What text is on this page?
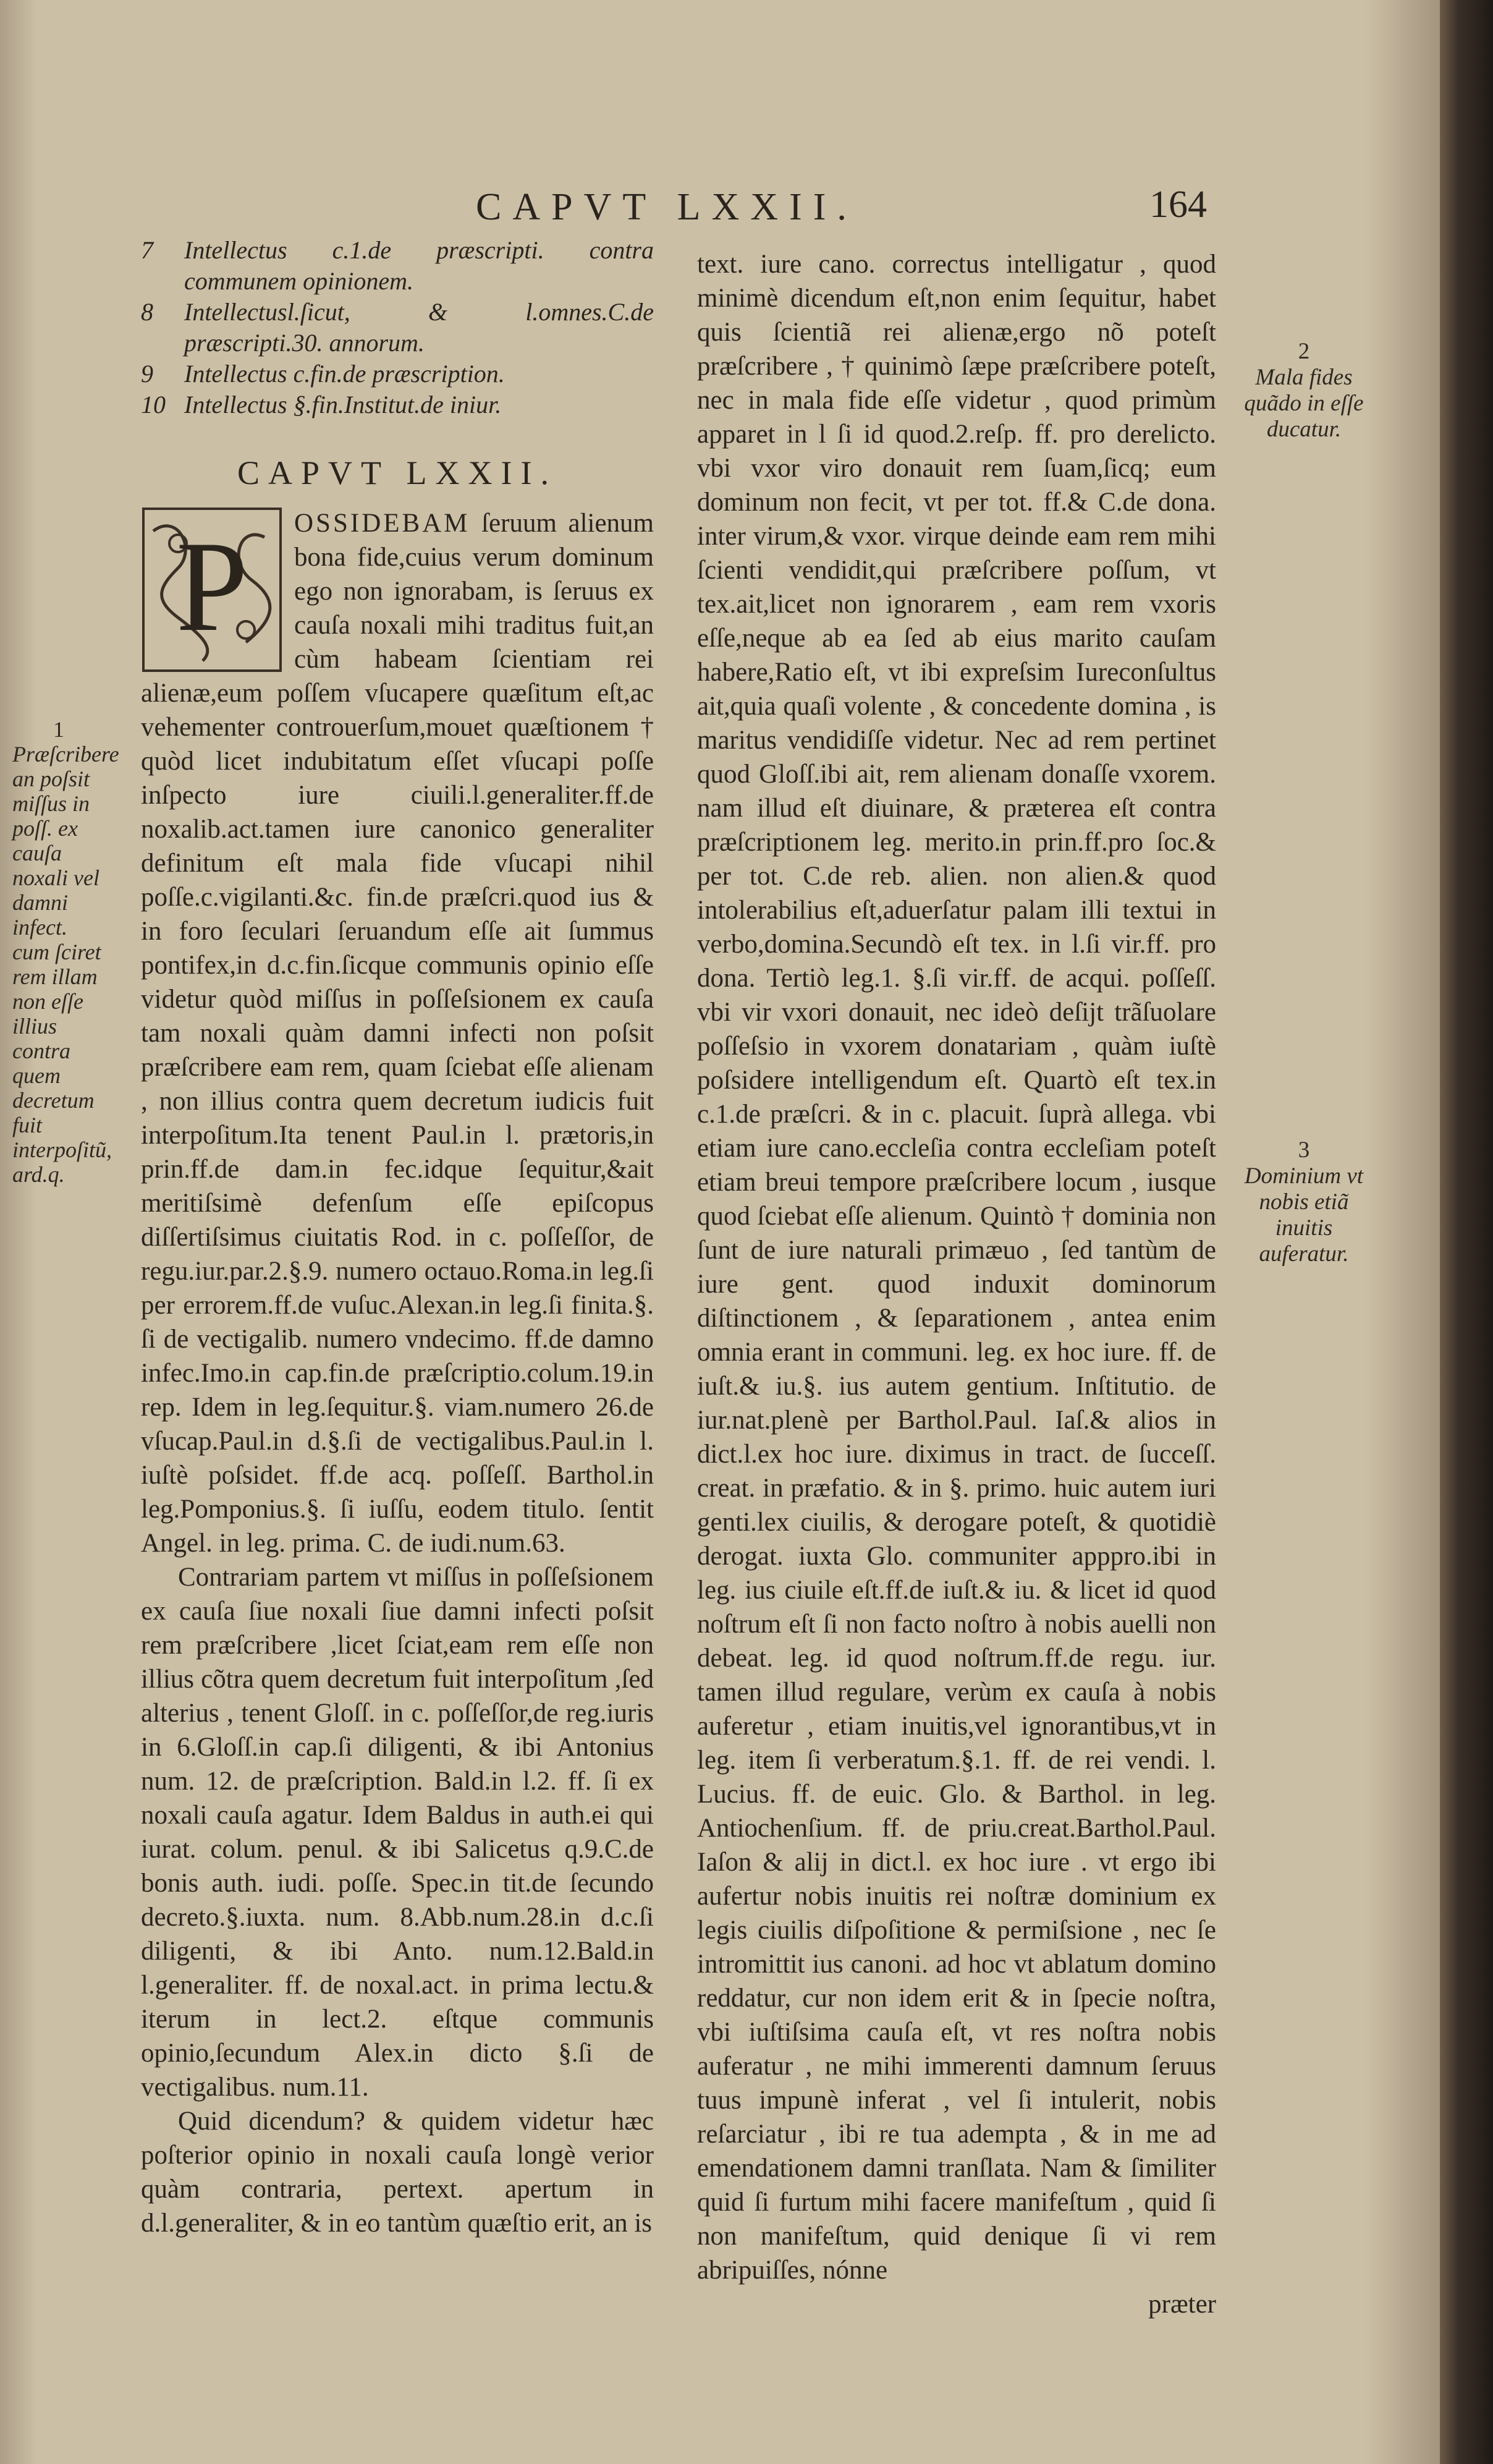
CAPVT LXXII.	164
7	Intellectus c.1.de præscripti. contra communem opinionem.
8	Intellectusl.ſicut, & l.omnes.C.de præscripti.30. annorum.
9	Intellectus c.fin.de præscription.
10 Intellectus §.fin.Institut.de iniur.
CAPVT LXXII.
P	OSSIDEBAM ſeruum alienum bona fide,cuius verum dominum ego non ignorabam, is ſeruus ex cauſa noxali mihi traditus fuit,an cùm habeam ſcientiam rei alienæ,eum poſſem vſucapere quæſitum eſt,ac vehementer controuerſum,mouet quæſtionem † quòd licet indubitatum eſſet vſucapi poſſe inſpecto iure ciuili.l.generaliter.ff.de noxalib.act.tamen iure canonico generaliter definitum eſt mala fide vſucapi nihil poſſe.c.vigilanti.&c. fin.de præſcri.quod ius & in foro ſeculari ſeruandum eſſe ait ſummus pontifex,in d.c.fin.ſicque communis opinio eſſe videtur quòd miſſus in poſſeſsionem ex cauſa tam noxali quàm damni infecti non poſsit præſcribere eam rem, quam ſciebat eſſe alienam , non illius contra quem decretum iudicis fuit interpoſitum.Ita tenent Paul.in l. prætoris,in prin.ff.de dam.in fec.idque ſequitur,&ait meritiſsimè defenſum eſſe epiſcopus diſſertiſsimus ciuitatis Rod. in c. poſſeſſor, de regu.iur.par.2.§.9. numero octauo.Roma.in leg.ſi per errorem.ff.de vuſuc.Alexan.in leg.ſi finita.§. ſi de vectigalib. numero vndecimo. ff.de damno infec.Imo.in cap.fin.de præſcriptio.colum.19.in rep. Idem in leg.ſequitur.§. viam.numero 26.de vſucap.Paul.in d.§.ſi de vectigalibus.Paul.in l. iuſtè poſsidet. ff.de acq. poſſeſſ. Barthol.in leg.Pomponius.§. ſi iuſſu, eodem titulo. ſentit Angel. in leg. prima. C. de iudi.num.63.

Contrariam partem vt miſſus in poſſeſsionem ex cauſa ſiue noxali ſiue damni infecti poſsit rem præſcribere ,licet ſciat,eam rem eſſe non illius cõtra quem decretum fuit interpoſitum ,ſed alterius , tenent Gloſſ. in c. poſſeſſor,de reg.iuris in 6.Gloſſ.in cap.ſi diligenti, & ibi Antonius num. 12. de præſcription. Bald.in l.2. ff. ſi ex noxali cauſa agatur. Idem Baldus in auth.ei qui iurat. colum. penul. & ibi Salicetus q.9.C.de bonis auth. iudi. poſſe. Spec.in tit.de ſecundo decreto.§.iuxta. num. 8.Abb.num.28.in d.c.ſi diligenti, & ibi Anto. num.12.Bald.in l.generaliter. ff. de noxal.act. in prima lectu.& iterum in lect.2. eſtque communis opinio,ſecundum Alex.in dicto §.ſi de vectigalibus. num.11.

Quid dicendum? & quidem videtur hæc poſterior opinio in noxali cauſa longè verior quàm contraria, pertext. apertum in d.l.generaliter, & in eo tantùm quæſtio erit, an is

text. iure cano. correctus intelligatur , quod minimè dicendum eſt,non enim ſequitur, habet quis ſcientiã rei alienæ,ergo nõ poteſt præſcribere , † quinimò ſæpe præſcribere poteſt, nec in mala fide eſſe videtur , quod primùm apparet in l ſi id quod.2.reſp. ff. pro derelicto. vbi vxor viro donauit rem ſuam,ſicq; eum dominum non fecit, vt per tot. ff.& C.de dona. inter virum,& vxor. virque deinde eam rem mihi ſcienti vendidit,qui præſcribere poſſum, vt tex.ait,licet non ignorarem , eam rem vxoris eſſe,neque ab ea ſed ab eius marito cauſam habere,Ratio eſt, vt ibi expreſsim Iureconſultus ait,quia quaſi volente , & concedente domina , is maritus vendidiſſe videtur. Nec ad rem pertinet quod Gloſſ.ibi ait, rem alienam donaſſe vxorem. nam illud eſt diuinare, & præterea eſt contra præſcriptionem leg. merito.in prin.ff.pro ſoc.& per tot. C.de reb. alien. non alien.& quod intolerabilius eſt,aduerſatur palam illi textui in verbo,domina.Secundò eſt tex. in l.ſi vir.ff. pro dona. Tertiò leg.1. §.ſi vir.ff. de acqui. poſſeſſ. vbi vir vxori donauit, nec ideò deſijt trãſuolare poſſeſsio in vxorem donatariam , quàm iuſtè poſsidere intelligendum eſt. Quartò eſt tex.in c.1.de præſcri. & in c. placuit. ſuprà allega. vbi etiam iure cano.eccleſia contra eccleſiam poteſt etiam breui tempore præſcribere locum , iusque quod ſciebat eſſe alienum. Quintò † dominia non ſunt de iure naturali primæuo , ſed tantùm de iure gent. quod induxit dominorum diſtinctionem , & ſeparationem , antea enim omnia erant in communi. leg. ex hoc iure. ff. de iuſt.& iu.§. ius autem gentium. Inſtitutio. de iur.nat.plenè per Barthol.Paul. Iaſ.& alios in dict.l.ex hoc iure. diximus in tract. de ſucceſſ. creat. in præfatio. & in §. primo. huic autem iuri genti.lex ciuilis, & derogare poteſt, & quotidiè derogat. iuxta Glo. communiter apppro.ibi in leg. ius ciuile eſt.ff.de iuſt.& iu. & licet id quod noſtrum eſt ſi non facto noſtro à nobis auelli non debeat. leg. id quod noſtrum.ff.de regu. iur. tamen illud regulare, verùm ex cauſa à nobis auferetur , etiam inuitis,vel ignorantibus,vt in leg. item ſi verberatum.§.1. ff. de rei vendi. l. Lucius. ff. de euic. Glo. & Barthol. in leg. Antiochenſium. ff. de priu.creat.Barthol.Paul. Iaſon & alij in dict.l. ex hoc iure . vt ergo ibi aufertur nobis inuitis rei noſtræ dominium ex legis ciuilis diſpoſitione & permiſsione , nec ſe intromittit ius canoni. ad hoc vt ablatum domino reddatur, cur non idem erit & in ſpecie noſtra, vbi iuſtiſsima cauſa eſt, vt res noſtra nobis auferatur , ne mihi immerenti damnum ſeruus tuus impunè inferat , vel ſi intulerit, nobis reſarciatur , ibi re tua adempta , & in me ad emendationem damni tranſlata. Nam & ſimiliter quid ſi furtum mihi facere manifeſtum , quid ſi non manifeſtum, quid denique ſi vi rem abripuiſſes, nónne

præter

1
Præſcribere an poſsit miſſus in poſſ. ex cauſa noxali vel damni infect. cum ſciret rem illam non eſſe illius contra quem decretum fuit interpoſitũ, ard.q.
2
Mala fides quãdo in eſſe ducatur.
3
Dominium vt nobis etiã inuitis auferatur.
